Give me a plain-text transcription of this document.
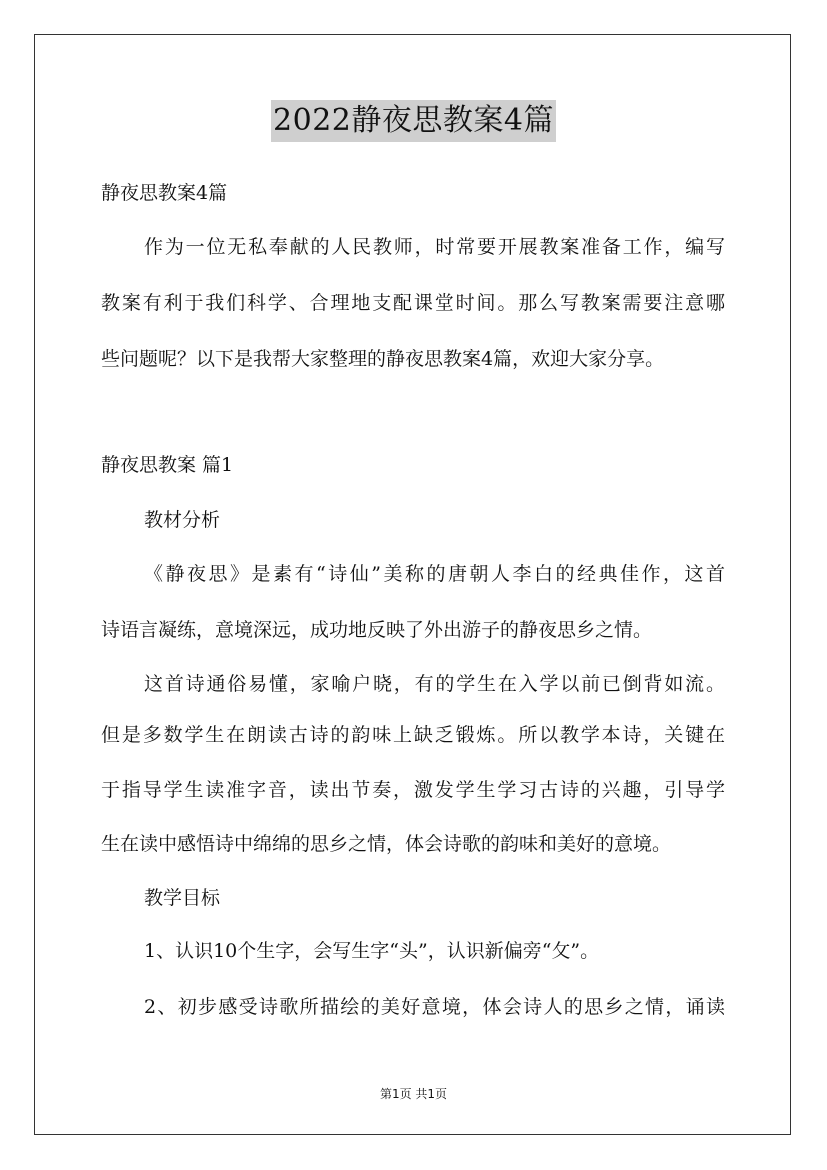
2022静夜思教案4篇
静夜思教案4篇
作为一位无私奉献的人民教师，时常要开展教案准备工作，编写
教案有利于我们科学、合理地支配课堂时间。那么写教案需要注意哪
些问题呢？以下是我帮大家整理的静夜思教案4篇，欢迎大家分享。
静夜思教案 篇1
教材分析
《静夜思》是素有“诗仙”美称的唐朝人李白的经典佳作，这首
诗语言凝练，意境深远，成功地反映了外出游子的静夜思乡之情。
这首诗通俗易懂，家喻户晓，有的学生在入学以前已倒背如流。
但是多数学生在朗读古诗的韵味上缺乏锻炼。所以教学本诗，关键在
于指导学生读准字音，读出节奏，激发学生学习古诗的兴趣，引导学
生在读中感悟诗中绵绵的思乡之情，体会诗歌的韵味和美好的意境。
教学目标
1、认识10个生字，会写生字“头”，认识新偏旁“攵”。
2、初步感受诗歌所描绘的美好意境，体会诗人的思乡之情，诵读
第1页 共1页
